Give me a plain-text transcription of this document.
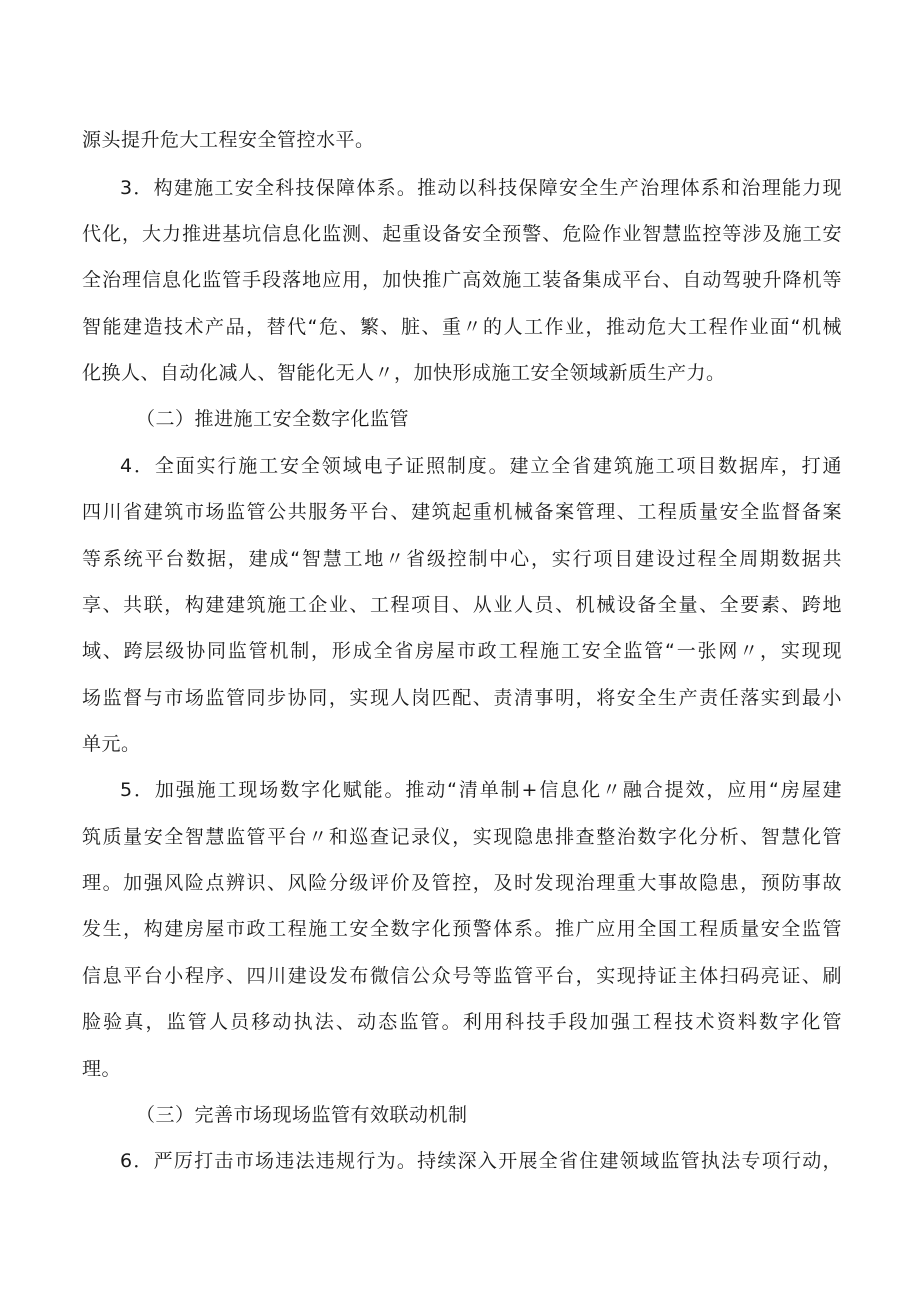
源头提升危大工程安全管控水平。
3．构建施工安全科技保障体系。推动以科技保障安全生产治理体系和治理能力现
代化，大力推进基坑信息化监测、起重设备安全预警、危险作业智慧监控等涉及施工安
全治理信息化监管手段落地应用，加快推广高效施工装备集成平台、自动驾驶升降机等
智能建造技术产品，替代“危、繁、脏、重〃的人工作业，推动危大工程作业面“机械
化换人、自动化减人、智能化无人〃，加快形成施工安全领域新质生产力。
（二）推进施工安全数字化监管
4．全面实行施工安全领域电子证照制度。建立全省建筑施工项目数据库，打通
四川省建筑市场监管公共服务平台、建筑起重机械备案管理、工程质量安全监督备案
等系统平台数据，建成“智慧工地〃省级控制中心，实行项目建设过程全周期数据共
享、共联，构建建筑施工企业、工程项目、从业人员、机械设备全量、全要素、跨地
域、跨层级协同监管机制，形成全省房屋市政工程施工安全监管“一张网〃，实现现
场监督与市场监管同步协同，实现人岗匹配、责清事明，将安全生产责任落实到最小
单元。
5．加强施工现场数字化赋能。推动“清单制+信息化〃融合提效，应用“房屋建
筑质量安全智慧监管平台〃和巡查记录仪，实现隐患排查整治数字化分析、智慧化管
理。加强风险点辨识、风险分级评价及管控，及时发现治理重大事故隐患，预防事故
发生，构建房屋市政工程施工安全数字化预警体系。推广应用全国工程质量安全监管
信息平台小程序、四川建设发布微信公众号等监管平台，实现持证主体扫码亮证、刷
脸验真，监管人员移动执法、动态监管。利用科技手段加强工程技术资料数字化管
理。
（三）完善市场现场监管有效联动机制
6．严厉打击市场违法违规行为。持续深入开展全省住建领域监管执法专项行动，
